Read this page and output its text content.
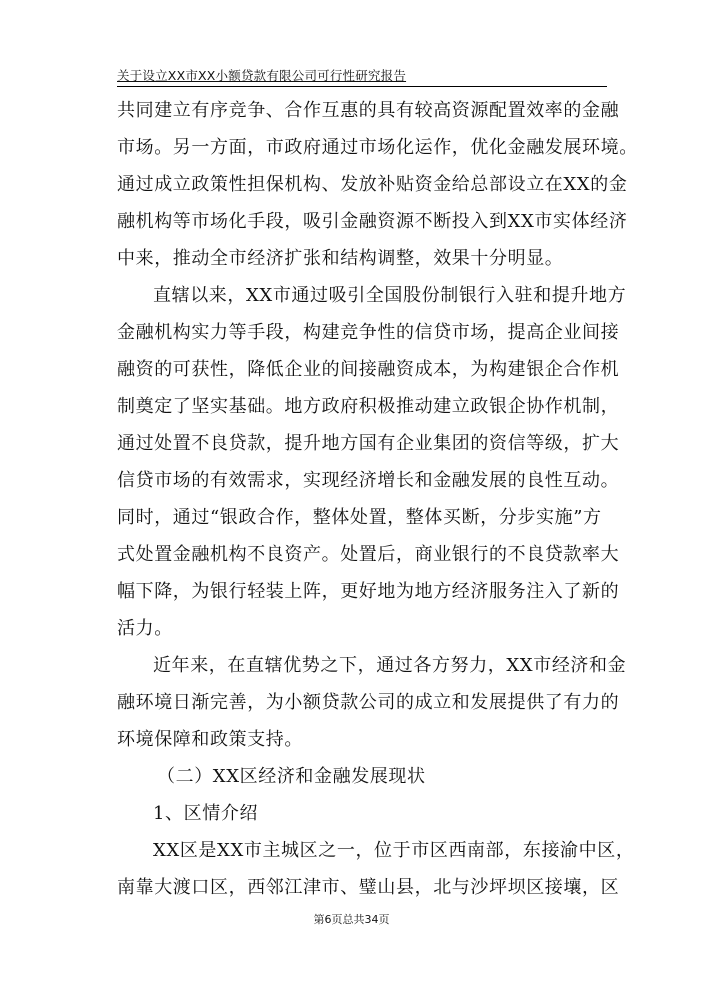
关于设立XX市XX小额贷款有限公司可行性研究报告
共同建立有序竞争、合作互惠的具有较高资源配置效率的金融
市场。另一方面，市政府通过市场化运作，优化金融发展环境。
通过成立政策性担保机构、发放补贴资金给总部设立在XX的金
融机构等市场化手段，吸引金融资源不断投入到XX市实体经济
中来，推动全市经济扩张和结构调整，效果十分明显。
直辖以来，XX市通过吸引全国股份制银行入驻和提升地方
金融机构实力等手段，构建竞争性的信贷市场，提高企业间接
融资的可获性，降低企业的间接融资成本，为构建银企合作机
制奠定了坚实基础。地方政府积极推动建立政银企协作机制，
通过处置不良贷款，提升地方国有企业集团的资信等级，扩大
信贷市场的有效需求，实现经济增长和金融发展的良性互动。
同时，通过“银政合作，整体处置，整体买断，分步实施”方
式处置金融机构不良资产。处置后，商业银行的不良贷款率大
幅下降，为银行轻装上阵，更好地为地方经济服务注入了新的
活力。
近年来，在直辖优势之下，通过各方努力，XX市经济和金
融环境日渐完善，为小额贷款公司的成立和发展提供了有力的
环境保障和政策支持。
（二）XX区经济和金融发展现状
1、区情介绍
XX区是XX市主城区之一，位于市区西南部，东接渝中区，
南靠大渡口区，西邻江津市、璧山县，北与沙坪坝区接壤，区
第6页总共34页
